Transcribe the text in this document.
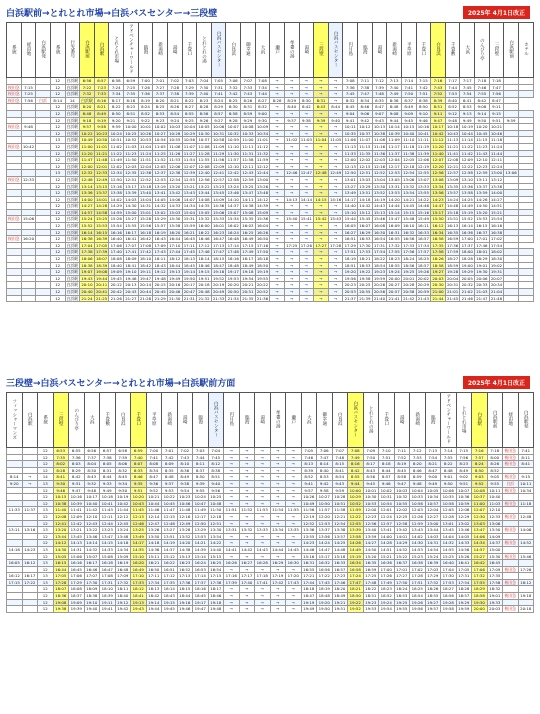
白浜駅前→とれとれ市場→白浜バスセンター→三段壁	2025年 4月1日改正
系統	経由地	白浜駅発	系統	行先番号	白浜駅前	白浜駅	とれとれ市場	アドベンチャーワールド	臨海	新湯崎	湯崎	千畳口	とれとれの湯	白浜バスセンター	白良浜	御幸通	大浜	瀬戸	牟婁の湯	湯崎	三段壁	白浜バスセンター	円月島	臨海	湯崎	新湯崎	平草原	千畳口	白良浜	千畳敷	大浜	のんびり亭	三段壁	白浜駅前	ホテル
			12	白浜駅	6:56	6:57	6:58	6:59	7:00	7:01	7:02	7:03	7:04	7:05	7:06	7:07	7:08	→	→	→	→	→	7:08	7:11	7:12	7:13	7:14	7:15	7:16	7:17	7:17	7:18	7:18		
桜田急	7:15		12	白浜駅	7:22	7:23	7:24	7:25	7:26	7:27	7:28	7:29	7:30	7:31	7:32	7:33	7:34	→	→	→	→	→	7:36	7:38	7:39	7:40	7:41	7:42	7:43	7:44	7:45	7:46	7:47		
桜田急	7:25		12	白浜駅	7:32	7:33	7:34	7:35	7:36	7:37	7:38	7:39	7:40	7:41	7:42	7:43	7:44	→	→	→	→	→	7:45	7:47	7:48	7:49	7:50	7:51	7:52	7:53	7:54	7:55	7:56		
桜田急	7:56	白浜	8:14	14	白浜駅	8:16	8:17	8:18	8:19	8:20	8:21	8:22	8:23	8:24	8:25	8:26	8:27	8:28	8:29	8:30	8:31	→	8:32	8:34	8:35	8:36	8:37	8:38	8:39	8:40	8:41	8:42	8:47		
			12	白浜駅	8:20	8:21	8:22	8:23	8:24	8:25	8:26	8:27	8:28	8:29	8:30	8:31	8:32	→	8:40	8:42	8:43	8:44	8:45	8:46	8:47	8:48	8:49	8:50	8:51	8:52	8:53	9:08	9:11		
			12	白浜駅	8:48	8:49	8:50	8:51	8:52	8:53	8:54	8:55	8:56	8:57	8:58	8:59	9:00	→	→	→	→	→	9:04	9:06	9:07	9:08	9:09	9:10	9:11	9:12	9:13	9:14	9:15		
			12	白浜駅	9:18	9:19	9:20	9:21	9:22	9:23	9:24	9:25	9:26	9:27	9:28	9:29	9:30	→	9:37	9:38	9:39	9:40	9:41	9:42	9:43	9:44	9:45	9:46	9:47	9:48	9:49	9:50	9:51	9:59	
桜田急	9:48		12	白浜駅	9:57	9:58	9:59	10:00	10:01	10:02	10:03	10:04	10:05	10:06	10:07	10:08	10:09	→	→	→	→	→	10:11	10:12	10:13	10:14	10:15	10:16	10:17	10:18	10:19	10:20	10:21		
			12	白浜駅	10:22	10:23	10:24	10:25	10:26	10:27	10:28	10:29	10:30	10:31	10:32	10:33	10:34	→	→	→	→	→	10:35	10:37	10:38	10:39	10:40	10:41	10:42	10:43	10:44	10:45	10:46		
			13	白浜駅	10:49	10:50	10:51	10:52	10:53	10:54	10:55	10:56	10:57	10:58	10:59	11:00	11:01	→	11:02	11:03	11:04	11:05	11:06	11:07	11:08	11:09	11:10	11:11	11:12	11:13	11:14	11:15	11:18		
桜田急	10:42		12	白浜駅	11:00	11:01	11:02	11:03	11:04	11:05	11:06	11:07	11:08	11:09	11:10	11:11	11:12	→	→	→	→	→	11:13	11:15	11:16	11:17	11:18	11:19	11:20	11:21	11:22	11:23	11:24		
			12	白浜駅	11:20	11:21	11:22	11:23	11:24	11:25	11:26	11:27	11:28	11:29	11:30	11:31	11:32	→	→	→	→	→	11:33	11:35	11:36	11:37	11:38	11:39	11:40	11:41	11:42	11:43	11:44		
			12	白浜駅	11:47	11:48	11:49	11:50	11:51	11:52	11:53	11:54	11:55	11:56	11:57	11:58	11:59	→	→	→	→	→	12:00	12:02	12:03	12:04	12:05	12:06	12:07	12:08	12:09	12:10	12:11		
			12	白浜駅	12:00	12:01	12:02	12:03	12:04	12:05	12:06	12:07	12:08	12:09	12:10	12:11	12:12	→	→	→	→	→	12:13	12:15	12:16	12:17	12:18	12:19	12:20	12:21	12:22	12:23	12:24		
			13	白浜駅	12:32	12:33	12:34	12:35	12:36	12:37	12:38	12:39	12:40	12:41	12:42	12:43	12:44	→	12:46	12:47	12:48	12:49	12:50	12:51	12:52	12:53	12:54	12:55	12:56	12:57	12:58	12:59	13:00	13:06	
桜田急	12:33		12	白浜駅	12:48	12:49	12:50	12:51	12:52	12:53	12:54	12:55	12:56	12:57	12:58	12:59	13:00	→	→	→	→	→	13:01	13:03	13:04	13:05	13:06	13:07	13:08	13:09	13:10	13:11	13:12		
			12	白浜駅	13:14	13:15	13:16	13:17	13:18	13:19	13:20	13:21	13:22	13:23	13:24	13:25	13:26	→	→	→	→	→	13:27	13:29	13:30	13:31	13:32	13:33	13:34	13:35	13:36	13:37	13:38		
			12	白浜駅	13:36	13:37	13:38	13:39	13:40	13:41	13:42	13:43	13:44	13:45	13:46	13:47	13:48	→	→	→	→	→	13:49	13:51	13:52	13:53	13:54	13:55	13:56	13:57	13:58	13:59	14:00		
			12	白浜駅	14:00	14:01	14:02	14:03	14:04	14:05	14:06	14:07	14:08	14:09	14:10	14:11	14:12	→	14:13	14:14	14:15	14:16	14:17	14:18	14:19	14:20	14:21	14:22	14:23	14:24	14:25	14:26	14:27		
			12	白浜駅	14:27	14:28	14:29	14:30	14:31	14:32	14:33	14:34	14:35	14:36	14:37	14:38	14:39	→	→	→	→	→	14:40	14:42	14:43	14:44	14:45	14:46	14:47	14:48	14:49	14:50	14:51		
			12	白浜駅	14:57	14:58	14:59	15:00	15:01	15:02	15:03	15:04	15:05	15:06	15:07	15:08	15:09	→	→	→	→	→	15:10	15:12	15:13	15:14	15:15	15:16	15:17	15:18	15:19	15:20	15:21		
桜田急	15:06		12	白浜駅	15:24	15:25	15:26	15:27	15:28	15:29	15:30	15:31	15:32	15:33	15:34	15:35	15:36	→	15:40	15:41	15:42	15:43	15:44	15:45	15:46	15:47	15:48	15:49	15:50	15:51	15:52	15:53	15:54		
			12	白浜駅	15:52	15:53	15:54	15:55	15:56	15:57	15:58	15:59	16:00	16:01	16:02	16:03	16:04	→	→	→	→	→	16:05	16:07	16:08	16:09	16:10	16:11	16:12	16:13	16:14	16:15	16:16		
			12	白浜駅	16:14	16:15	16:16	16:17	16:18	16:19	16:20	16:21	16:22	16:23	16:24	16:25	16:26	→	→	→	→	→	16:27	16:29	16:30	16:31	16:32	16:33	16:34	16:35	16:36	16:37	16:38		
桜田急	16:20		12	白浜駅	16:38	16:39	16:40	16:41	16:42	16:43	16:44	16:45	16:46	16:47	16:48	16:49	16:50	→	→	→	→	→	16:51	16:53	16:54	16:55	16:56	16:57	16:58	16:59	17:00	17:01	17:02		
			12	白浜駅	17:04	17:05	17:06	17:07	17:08	17:09	17:10	17:11	17:12	17:13	17:14	17:15	17:16	→	17:25	17:26	17:27	17:28	17:29	17:30	17:31	17:32	17:33	17:34	17:35	17:36	17:37	17:46	17:54		
			12	白浜駅	17:38	17:39	17:40	17:41	17:42	17:43	17:44	17:45	17:46	17:47	17:48	17:49	17:50	→	→	→	→	→	17:51	17:53	17:54	17:55	17:56	17:57	17:58	17:59	18:00	18:01	18:02		
			12	白浜駅	18:06	18:07	18:08	18:09	18:10	18:11	18:12	18:13	18:14	18:15	18:16	18:17	18:18	→	→	→	→	→	18:19	18:21	18:22	18:23	18:24	18:25	18:26	18:27	18:28	18:29	18:30		
			12	白浜駅	18:38	18:39	18:40	18:41	18:42	18:43	18:44	18:45	18:46	18:47	18:48	18:49	18:50	→	→	→	→	→	18:51	18:53	18:54	18:55	18:56	18:57	18:58	18:59	19:00	19:01	19:02		
			12	白浜駅	19:07	19:08	19:09	19:10	19:11	19:12	19:13	19:14	19:15	19:16	19:17	19:18	19:19	→	→	→	→	→	19:20	19:22	19:23	19:24	19:25	19:26	19:27	19:28	19:29	19:30	19:31		
			12	白浜駅	19:43	19:44	19:45	19:46	19:47	19:48	19:49	19:50	19:51	19:52	19:53	19:54	19:55	→	→	→	→	→	19:56	19:58	19:59	20:00	20:01	20:02	20:03	20:04	20:05	20:06	20:07		
			12	白浜駅	20:10	20:11	20:12	20:13	20:14	20:15	20:16	20:17	20:18	20:19	20:20	20:21	20:22	→	→	→	→	→	20:23	20:25	20:26	20:27	20:28	20:29	20:30	20:31	20:32	20:33	20:34		
			12	白浜駅	20:40	20:41	20:42	20:43	20:44	20:45	20:46	20:47	20:48	20:49	20:50	20:51	20:52	→	→	→	→	→	20:53	20:55	20:56	20:57	20:58	20:59	21:00	21:01	21:02	21:03	21:04		
			12	白浜駅	21:24	21:25	21:26	21:27	21:28	21:29	21:30	21:31	21:32	21:33	21:34	21:35	21:36	→	→	→	→	→	21:37	21:39	21:40	21:41	21:42	21:43	21:44	21:45	21:46	21:47	21:48		
三段壁→白浜バスセンター→とれとれ市場→白浜駅前方面	2025年 4月1日改正
フィッシャーマンズ	白浜駅	系統	三段壁	のんびり亭	大浜	千畳敷	白良浜	千畳口	平草原	新湯崎	湯崎	臨海	白浜バスセンター	円月島	臨海	湯崎	牟婁の湯	瀬戸	大浜	御幸通	白良浜	白浜バスセンター	とれとれの湯	千畳口	湯崎	新湯崎	臨海	アドベンチャーワールド	とれとれ市場	白浜駅	白浜駅前	経由地	白浜駅発
		12	6:53	6:55	6:56	6:57	6:58	6:59	7:00	7:01	7:02	7:03	7:04	→	→	→	→	→	7:05	7:06	7:07	7:08	7:09	7:10	7:11	7:12	7:13	7:14	7:15	7:16	7:18	桜田急	7:41
		12	7:35	7:36	7:37	7:38	7:39	7:40	7:41	7:42	7:43	7:44	7:45	→	→	→	→	→	7:46	7:47	7:48	7:49	7:50	7:51	7:52	7:53	7:54	7:55	7:56	7:57	8:00	桜田急	8:11
		12	8:02	8:03	8:04	8:05	8:06	8:07	8:08	8:09	8:10	8:11	8:12	→	→	→	→	→	8:13	8:14	8:15	8:16	8:17	8:18	8:19	8:20	8:21	8:22	8:23	8:24	8:26	桜田急	8:41
		12	8:28	8:29	8:30	8:31	8:32	8:33	8:34	8:35	8:36	8:37	8:38	→	→	→	→	→	8:39	8:40	8:41	8:42	8:43	8:44	8:45	8:46	8:47	8:48	8:49	8:50	8:52		
8:14	→	14	8:41	8:42	8:43	8:44	8:45	8:46	8:47	8:48	8:49	8:50	8:51	→	→	→	→	→	8:52	8:53	8:54	8:55	8:56	8:57	8:58	8:59	9:00	9:01	9:02	9:03	9:05	桜田急	9:15
9:20	→	13	9:30	9:31	9:32	9:33	9:34	9:35	9:36	9:37	9:38	9:39	9:40	→	→	→	→	→	9:41	9:42	9:43	9:44	9:45	9:46	9:47	9:48	9:49	9:50	9:51	9:52	9:55	白浜	10:11
		12	9:46	9:47	9:48	9:49	9:50	9:51	9:52	9:53	9:54	9:55	9:56	→	→	→	→	→	9:57	9:58	9:59	10:00	10:01	10:02	10:03	10:04	10:05	10:06	10:07	10:08	10:11	桜田急	10:34
		12	10:15	10:16	10:17	10:18	10:19	10:20	10:21	10:22	10:23	10:24	10:25	→	→	→	→	→	10:26	10:27	10:28	10:29	10:30	10:31	10:32	10:33	10:34	10:35	10:36	10:37	10:40		
		12	10:38	10:39	10:40	10:41	10:42	10:43	10:44	10:45	10:46	10:47	10:48	→	→	→	→	→	10:49	10:50	10:51	10:52	10:53	10:54	10:55	10:56	10:57	10:58	10:59	11:00	11:03	桜田急	11:18
11:33	11:37	13	11:40	11:41	11:42	11:43	11:44	11:45	11:46	11:47	11:48	11:49	11:50	11:51	11:52	11:53	11:54	11:55	11:56	11:57	11:58	11:59	12:00	12:01	12:02	12:03	12:04	12:05	12:06	12:07	12:10		
		12	12:08	12:09	12:10	12:11	12:12	12:13	12:14	12:15	12:16	12:17	12:18	→	→	→	→	→	12:19	12:20	12:21	12:22	12:23	12:24	12:25	12:26	12:27	12:28	12:29	12:30	12:33	桜田急	12:48
		12	12:41	12:42	12:43	12:44	12:45	12:46	12:47	12:48	12:49	12:50	12:51	→	→	→	→	→	12:52	12:53	12:54	12:55	12:56	12:57	12:58	12:59	13:00	13:01	13:02	13:03	13:06		
13:11	13:16	13	13:20	13:21	13:22	13:23	13:24	13:25	13:26	13:27	13:28	13:29	13:30	13:31	13:32	13:33	13:34	13:35	13:36	13:37	13:38	13:39	13:40	13:41	13:42	13:43	13:44	13:45	13:46	13:47	13:50	桜田急	14:06
		12	13:44	13:45	13:46	13:47	13:48	13:49	13:50	13:51	13:52	13:53	13:54	→	→	→	→	→	13:55	13:56	13:57	13:58	13:59	14:00	14:01	14:02	14:03	14:04	14:05	14:06	14:09		
		12	14:12	14:13	14:14	14:15	14:16	14:17	14:18	14:19	14:20	14:21	14:22	→	→	→	→	→	14:23	14:24	14:25	14:26	14:27	14:28	14:29	14:30	14:31	14:32	14:33	14:34	14:37	桜田急	14:52
14:18	14:23	13	14:30	14:31	14:32	14:33	14:34	14:35	14:36	14:37	14:38	14:39	14:40	14:41	14:42	14:43	14:44	14:45	14:46	14:47	14:48	14:49	14:50	14:51	14:52	14:53	14:54	14:55	14:56	14:57	15:00		
		12	15:05	15:06	15:07	15:08	15:09	15:10	15:11	15:12	15:13	15:14	15:15	→	→	→	→	→	15:16	15:17	15:18	15:19	15:20	15:21	15:22	15:23	15:24	15:25	15:26	15:27	15:30	桜田急	15:46
16:05	16:12	13	16:15	16:16	16:17	16:18	16:19	16:20	16:21	16:22	16:23	16:24	16:25	16:26	16:27	16:28	16:29	16:30	16:31	16:32	16:33	16:34	16:35	16:36	16:37	16:38	16:39	16:40	16:41	16:42	16:45		
		12	16:44	16:45	16:46	16:47	16:48	16:49	16:50	16:51	16:52	16:53	16:54	→	→	→	→	→	16:55	16:56	16:57	16:58	16:59	17:00	17:01	17:02	17:03	17:04	17:05	17:06	17:09	桜田急	17:26
16:12	16:17	13	17:05	17:06	17:07	17:08	17:09	17:10	17:11	17:12	17:13	17:14	17:15	17:16	17:17	17:18	17:19	17:20	17:21	17:22	17:23	17:24	17:25	17:26	17:27	17:28	17:29	17:30	17:31	17:32	17:35		
17:15	17:22	13	17:28	17:29	17:30	17:31	17:32	17:33	17:34	17:35	17:36	17:37	17:38	17:39	17:40	17:41	17:42	17:43	17:44	17:45	17:46	17:47	17:48	17:49	17:50	17:51	17:52	17:53	17:54	17:55	17:58	桜田急	18:12
		12	18:07	18:08	18:09	18:10	18:11	18:12	18:13	18:14	18:15	18:16	18:17	→	→	→	→	→	18:18	18:19	18:20	18:21	18:22	18:23	18:24	18:25	18:26	18:27	18:28	18:29	18:32		
		12	18:36	18:37	18:38	18:39	18:40	18:41	18:42	18:43	18:44	18:45	18:46	→	→	→	→	→	18:47	18:48	18:49	18:50	18:51	18:52	18:53	18:54	18:55	18:56	18:57	18:58	19:01	桜田急	19:18
		12	19:08	19:09	19:10	19:11	19:12	19:13	19:14	19:15	19:16	19:17	19:18	→	→	→	→	→	19:19	19:20	19:21	19:22	19:23	19:24	19:25	19:26	19:27	19:28	19:29	19:30	19:33		
		12	19:38	19:39	19:40	19:41	19:42	19:43	19:44	19:45	19:46	19:47	19:48	→	→	→	→	→	19:49	19:50	19:51	19:52	19:53	19:54	19:55	19:56	19:57	19:58	19:59	20:00	20:03	桜田急	20:18
